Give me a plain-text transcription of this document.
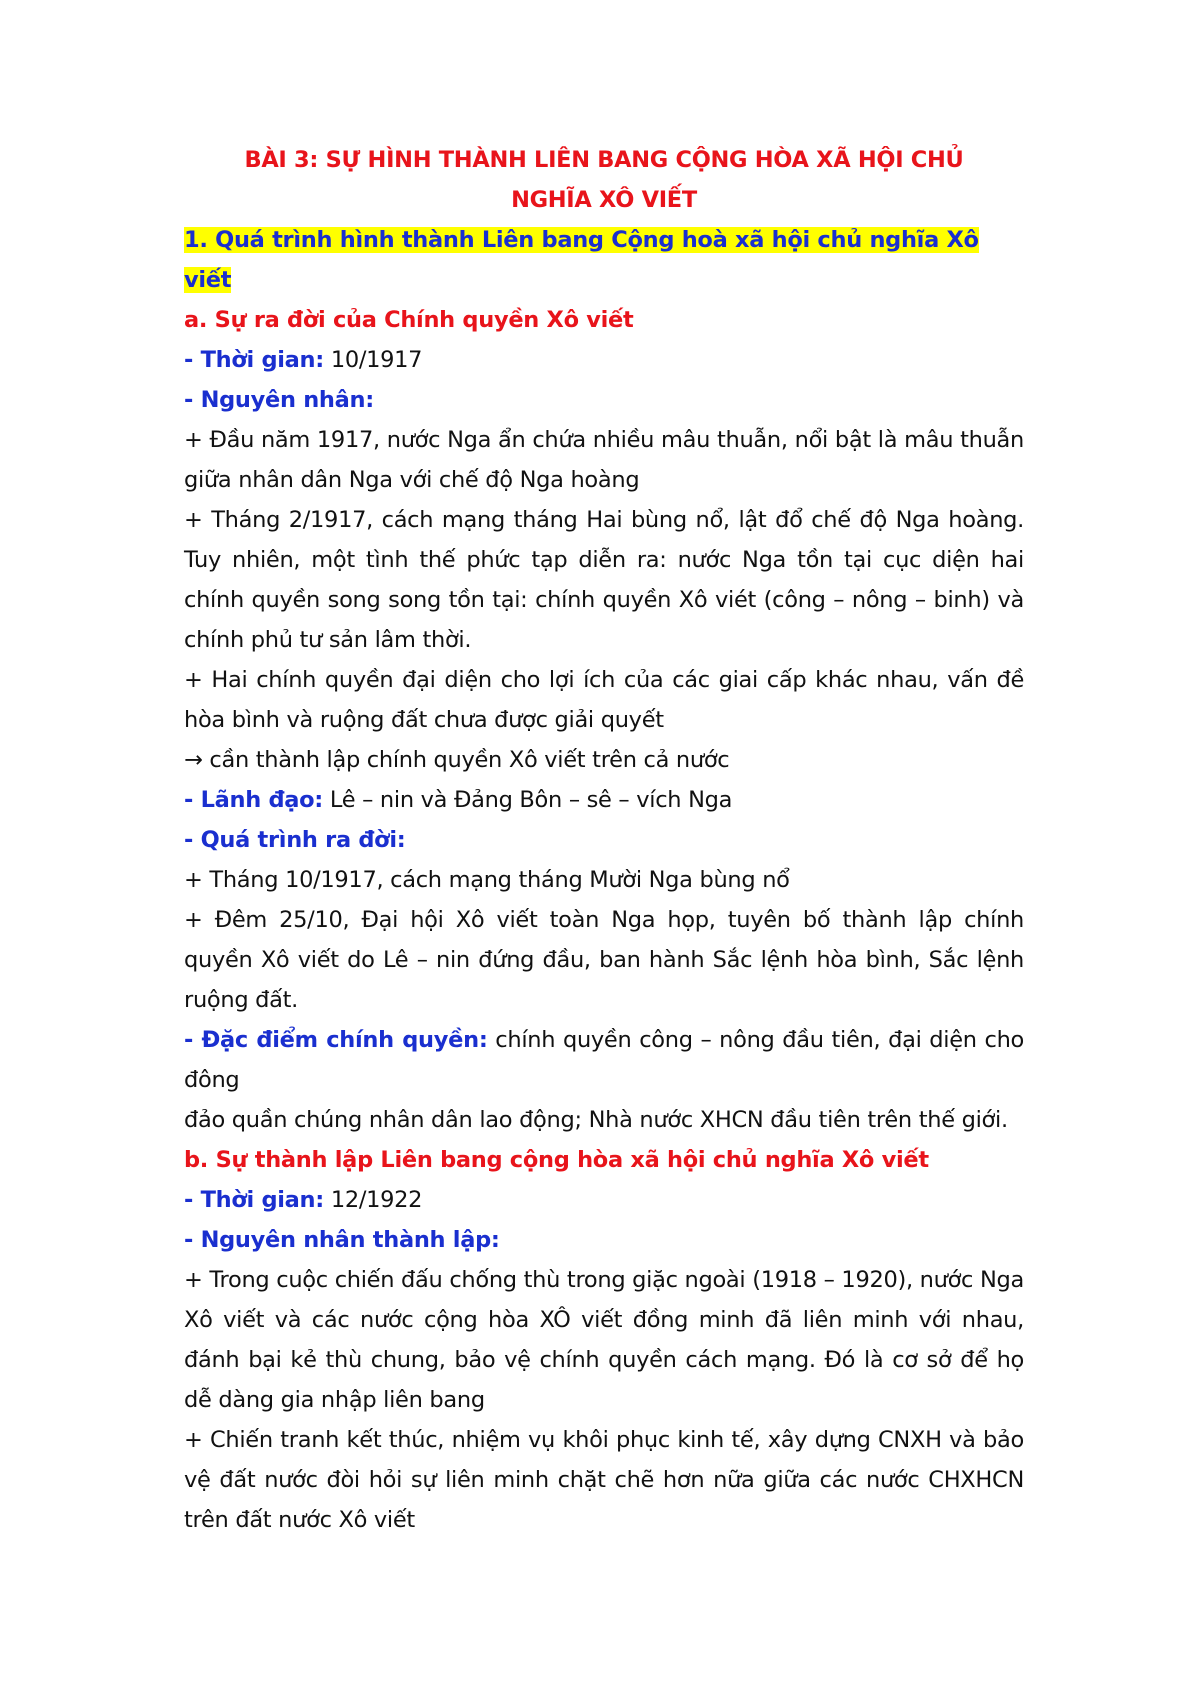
BÀI 3: SỰ HÌNH THÀNH LIÊN BANG CỘNG HÒA XÃ HỘI CHỦ NGHĨA XÔ VIẾT

1. Quá trình hình thành Liên bang Cộng hoà xã hội chủ nghĩa Xô viết

a. Sự ra đời của Chính quyền Xô viết

- Thời gian: 10/1917

- Nguyên nhân:

+ Đầu năm 1917, nước Nga ẩn chứa nhiều mâu thuẫn, nổi bật là mâu thuẫn giữa nhân dân Nga với chế độ Nga hoàng

+ Tháng 2/1917, cách mạng tháng Hai bùng nổ, lật đổ chế độ Nga hoàng. Tuy nhiên, một tình thế phức tạp diễn ra: nước Nga tồn tại cục diện hai chính quyền song song tồn tại: chính quyền Xô viét (công – nông – binh) và chính phủ tư sản lâm thời.

+ Hai chính quyền đại diện cho lợi ích của các giai cấp khác nhau, vấn đề hòa bình và ruộng đất chưa được giải quyết

→ cần thành lập chính quyền Xô viết trên cả nước

- Lãnh đạo: Lê – nin và Đảng Bôn – sê – vích Nga

- Quá trình ra đời:

+ Tháng 10/1917, cách mạng tháng Mười Nga bùng nổ

+ Đêm 25/10, Đại hội Xô viết toàn Nga họp, tuyên bố thành lập chính quyền Xô viết do Lê – nin đứng đầu, ban hành Sắc lệnh hòa bình, Sắc lệnh ruộng đất.

- Đặc điểm chính quyền: chính quyền công – nông đầu tiên, đại diện cho đông

đảo quần chúng nhân dân lao động; Nhà nước XHCN đầu tiên trên thế giới.

b. Sự thành lập Liên bang cộng hòa xã hội chủ nghĩa Xô viết

- Thời gian: 12/1922

- Nguyên nhân thành lập:

+ Trong cuộc chiến đấu chống thù trong giặc ngoài (1918 – 1920), nước Nga Xô viết và các nước cộng hòa XÔ viết đồng minh đã liên minh với nhau, đánh bại kẻ thù chung, bảo vệ chính quyền cách mạng. Đó là cơ sở để họ dễ dàng gia nhập liên bang

+ Chiến tranh kết thúc, nhiệm vụ khôi phục kinh tế, xây dựng CNXH và bảo vệ đất nước đòi hỏi sự liên minh chặt chẽ hơn nữa giữa các nước CHXHCN trên đất nước Xô viết
